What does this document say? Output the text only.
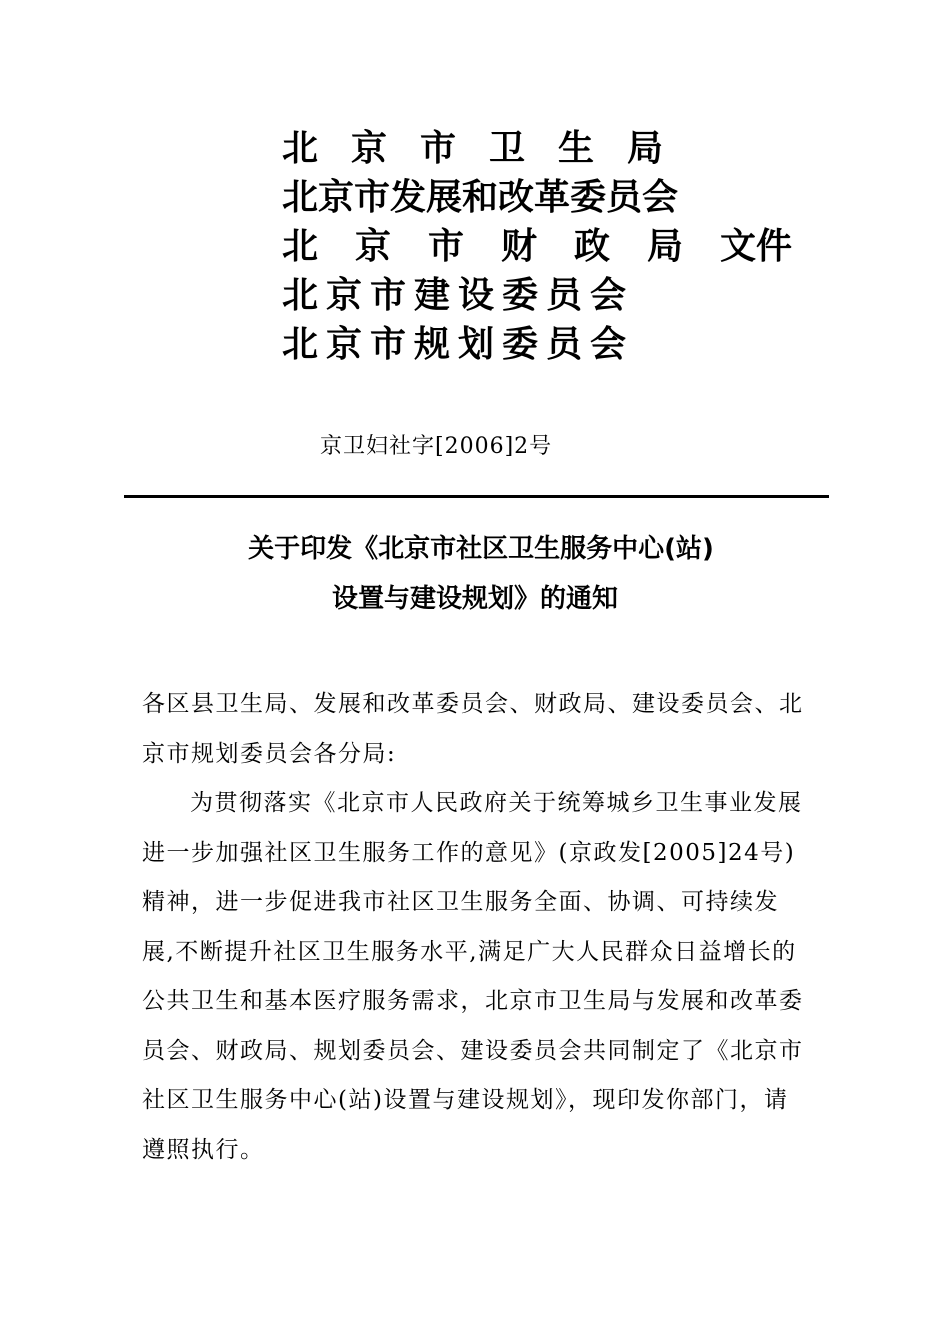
北京市卫生局
北京市发展和改革委员会
北京市财政局文件
北京市建设委员会
北京市规划委员会
京卫妇社字[2006]2号
关于印发《北京市社区卫生服务中心(站)
设置与建设规划》的通知

各区县卫生局、发展和改革委员会、财政局、建设委员会、北京市规划委员会各分局:

为贯彻落实《北京市人民政府关于统筹城乡卫生事业发展进一步加强社区卫生服务工作的意见》(京政发[2005]24号)精神，进一步促进我市社区卫生服务全面、协调、可持续发展,不断提升社区卫生服务水平,满足广大人民群众日益增长的公共卫生和基本医疗服务需求，北京市卫生局与发展和改革委员会、财政局、规划委员会、建设委员会共同制定了《北京市社区卫生服务中心(站)设置与建设规划》，现印发你部门，请遵照执行。
